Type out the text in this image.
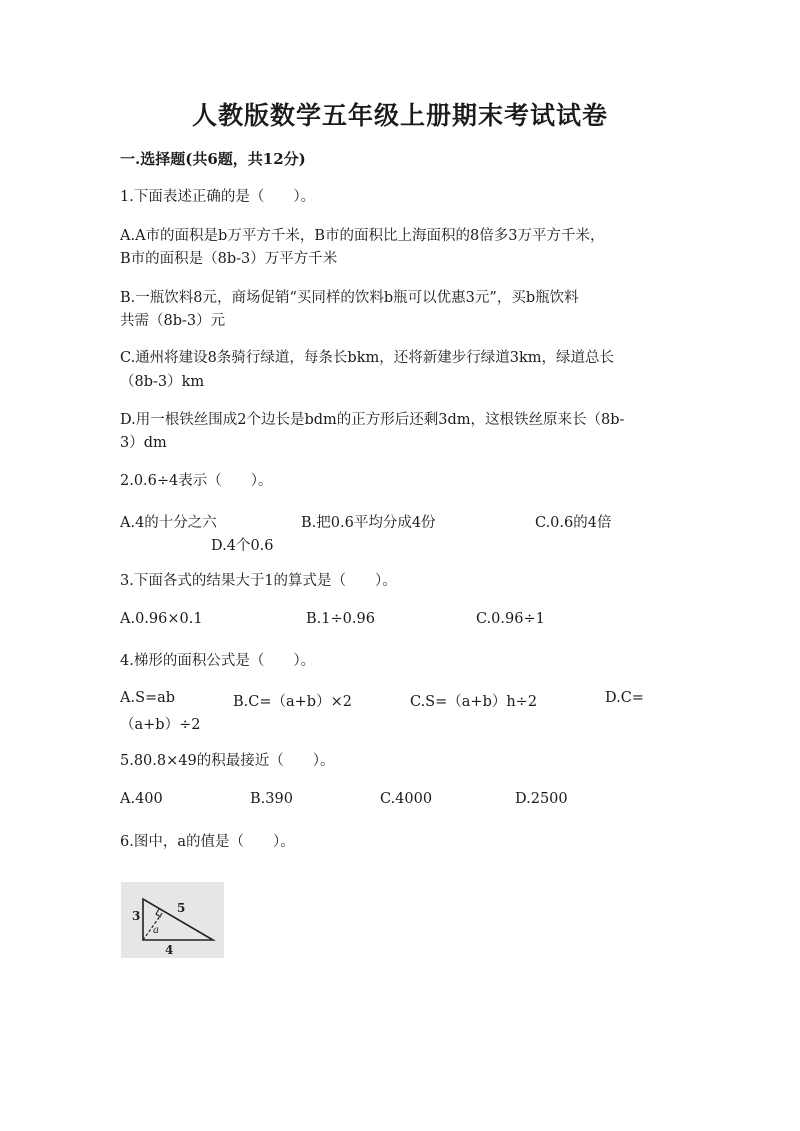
人教版数学五年级上册期末考试试卷
一.选择题(共6题，共12分)
1.下面表述正确的是（　　）。
A.A市的面积是b万平方千米，B市的面积比上海面积的8倍多3万平方千米，
B市的面积是（8b-3）万平方千米
B.一瓶饮料8元，商场促销“买同样的饮料b瓶可以优惠3元”，买b瓶饮料
共需（8b-3）元
C.通州将建设8条骑行绿道，每条长bkm，还将新建步行绿道3km，绿道总长
（8b-3）km
D.用一根铁丝围成2个边长是bdm的正方形后还剩3dm，这根铁丝原来长（8b-
3）dm
2.0.6÷4表示（　　）。
A.4的十分之六	B.把0.6平均分成4份	C.0.6的4倍
D.4个0.6
3.下面各式的结果大于1的算式是（　　）。
A.0.96×0.1	B.1÷0.96	C.0.96÷1
4.梯形的面积公式是（　　）。
A.S=ab	B.C=（a+b）×2	C.S=（a+b）h÷2	D.C=
（a+b）÷2
5.80.8×49的积最接近（　　）。
A.400	B.390	C.4000	D.2500
6.图中，a的值是（　　）。
3
5
4
a
